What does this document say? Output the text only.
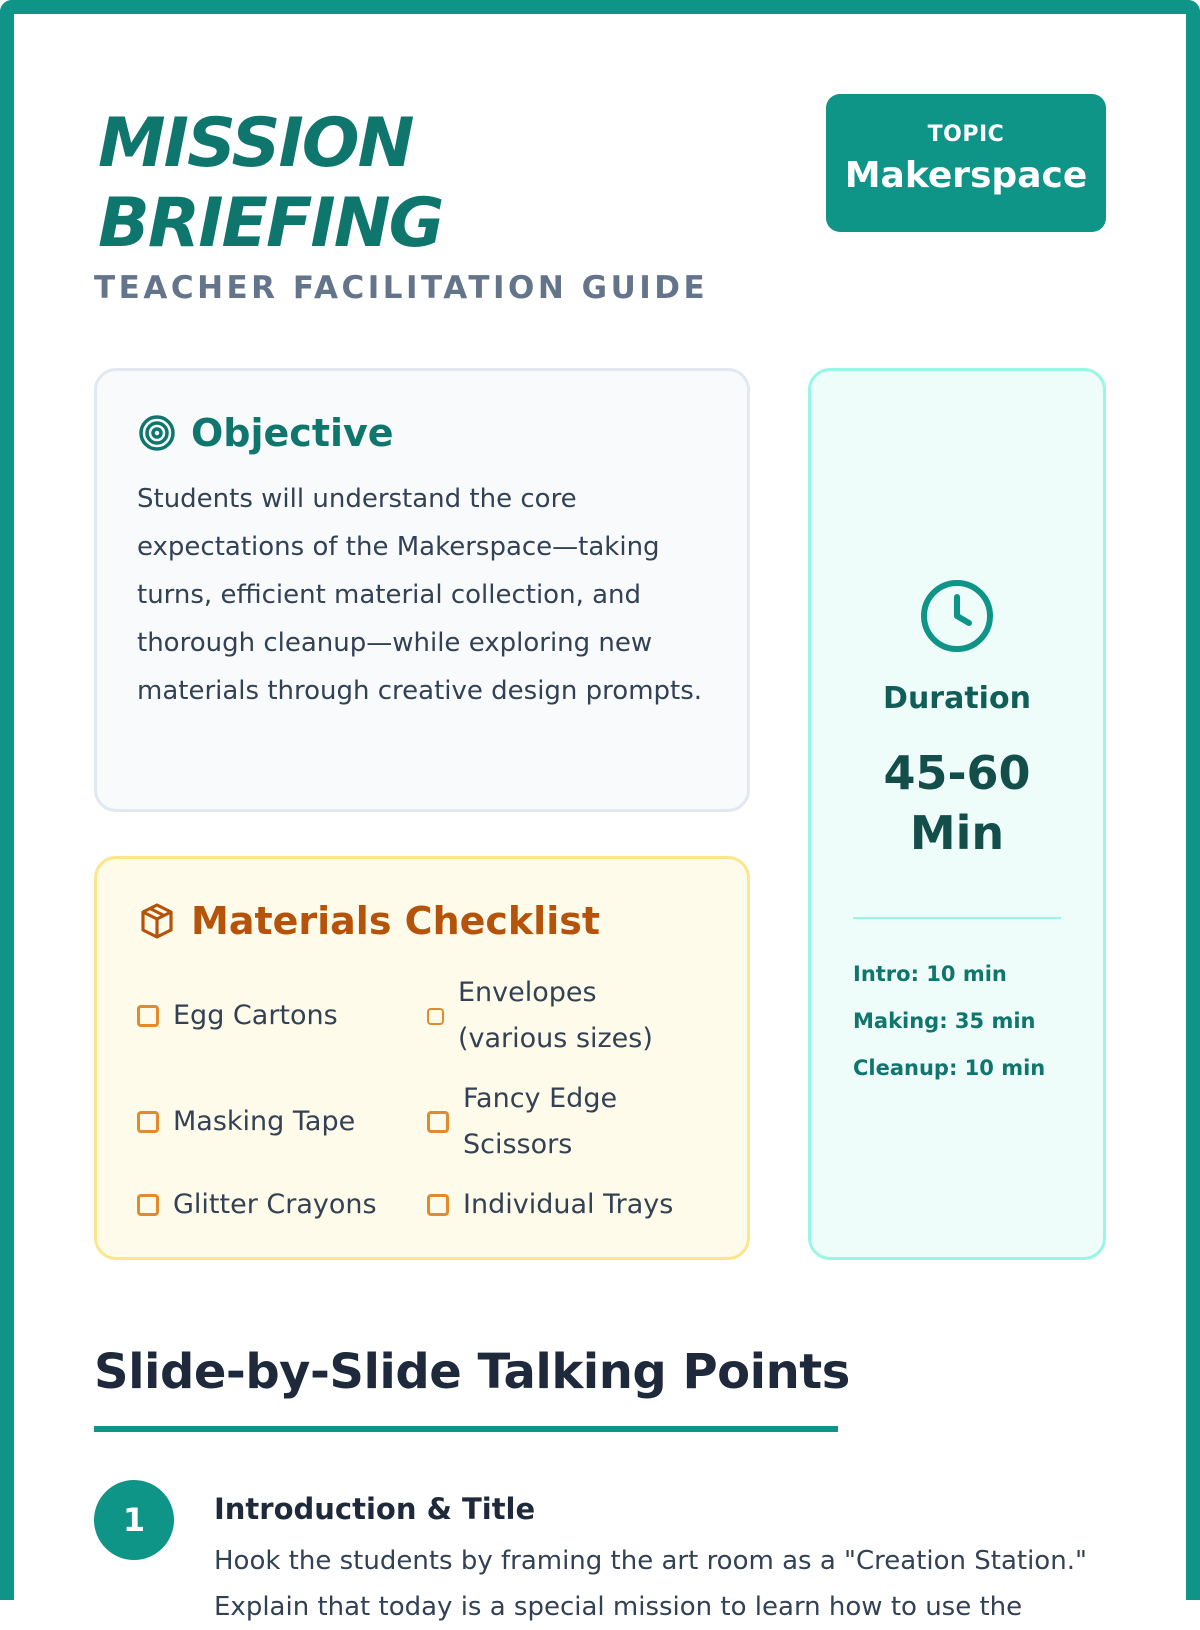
MISSION BRIEFING
TEACHER FACILITATION GUIDE
TOPIC
Makerspace
Objective
Students will understand the core expectations of the Makerspace—taking turns, efficient material collection, and thorough cleanup—while exploring new materials through creative design prompts.
Materials Checklist
Egg Cartons
Envelopes (various sizes)
Masking Tape
Fancy Edge Scissors
Glitter Crayons	Individual Trays
Duration
45-60 Min
Intro: 10 min
Making: 35 min
Cleanup: 10 min
Slide-by-Slide Talking Points
1	Introduction & Title
Hook the students by framing the art room as a "Creation Station." Explain that today is a special mission to learn how to use the
